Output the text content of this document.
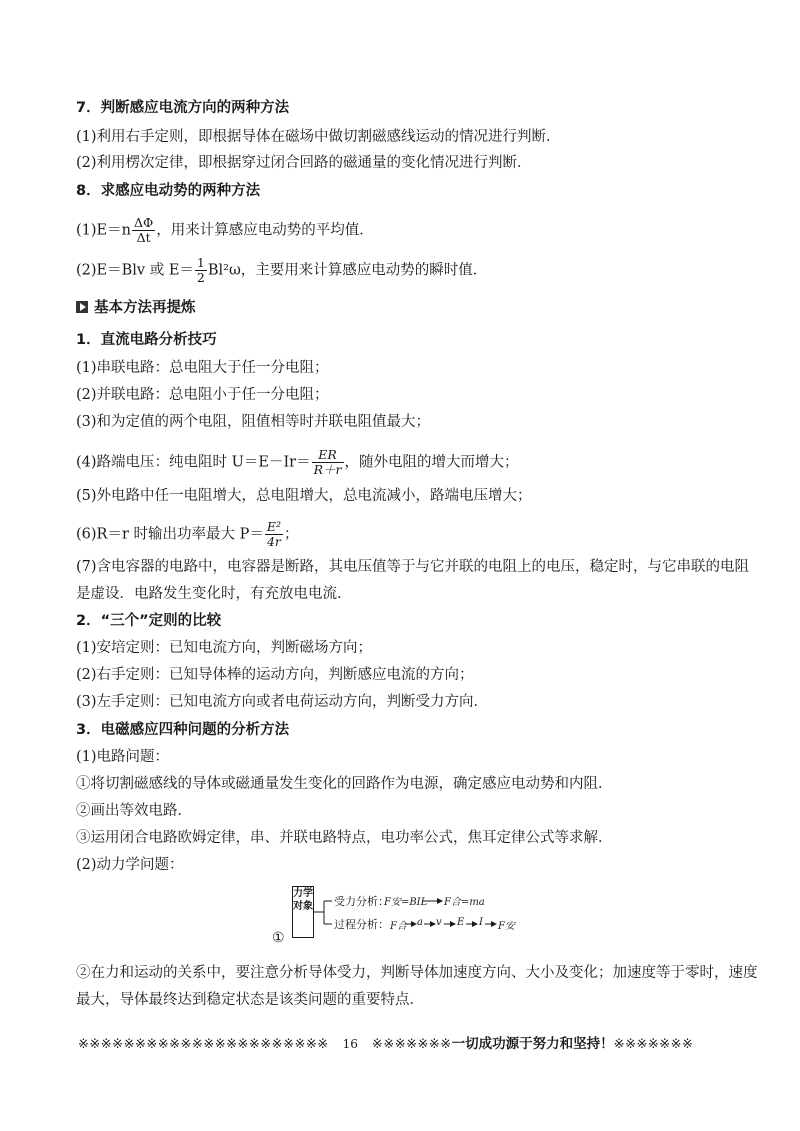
7．判断感应电流方向的两种方法
(1)利用右手定则，即根据导体在磁场中做切割磁感线运动的情况进行判断．
(2)利用楞次定律，即根据穿过闭合回路的磁通量的变化情况进行判断．
8．求感应电动势的两种方法
$(1)E=n \frac{\Delta\Phi}{\Delta t}$ ，用来计算感应电动势的平均值．
(2)E＝Blv 或 $E= \frac{1}{2} Bl^2\omega$，主要用来计算感应电动势的瞬时值．
基本方法再提炼
1．直流电路分析技巧
(1)串联电路：总电阻大于任一分电阻；
(2)并联电路：总电阻小于任一分电阻；
(3)和为定值的两个电阻，阻值相等时并联电阻值最大；
(4)路端电压：纯电阻时 $U=E-Ir= \frac{ER}{R+r}$ ，随外电阻的增大而增大；
(5)外电路中任一电阻增大，总电阻增大，总电流减小，路端电压增大；
(6)R＝r 时输出功率最大 $P= \frac{\text{E²}}{4r}$ ；
(7)含电容器的电路中，电容器是断路，其电压值等于与它并联的电阻上的电压，稳定时，与它串联的电阻
是虚设．电路发生变化时，有充放电电流．
2．“三个”定则的比较
(1)安培定则：已知电流方向，判断磁场方向；
(2)右手定则：已知导体棒的运动方向，判断感应电流的方向；
(3)左手定则：已知电流方向或者电荷运动方向，判断受力方向．
3．电磁感应四种问题的分析方法
(1)电路问题：
①将切割磁感线的导体或磁通量发生变化的回路作为电源，确定感应电动势和内阻．
②画出等效电路．
③运用闭合电路欧姆定律，串、并联电路特点，电功率公式，焦耳定律公式等求解．
(2)动力学问题：
力学对象 受力分析：
F安=BIL F合=ma
过程分析： F合 a v E I F安
①
②在力和运动的关系中，要注意分析导体受力，判断导体加速度方向、大小及变化；加速度等于零时，速度
最大，导体最终达到稳定状态是该类问题的重要特点．
※※※※※※※※※※※※※※※※※※※※※※ 16 ※※※※※※※一切成功源于努力和坚持！※※※※※※※
